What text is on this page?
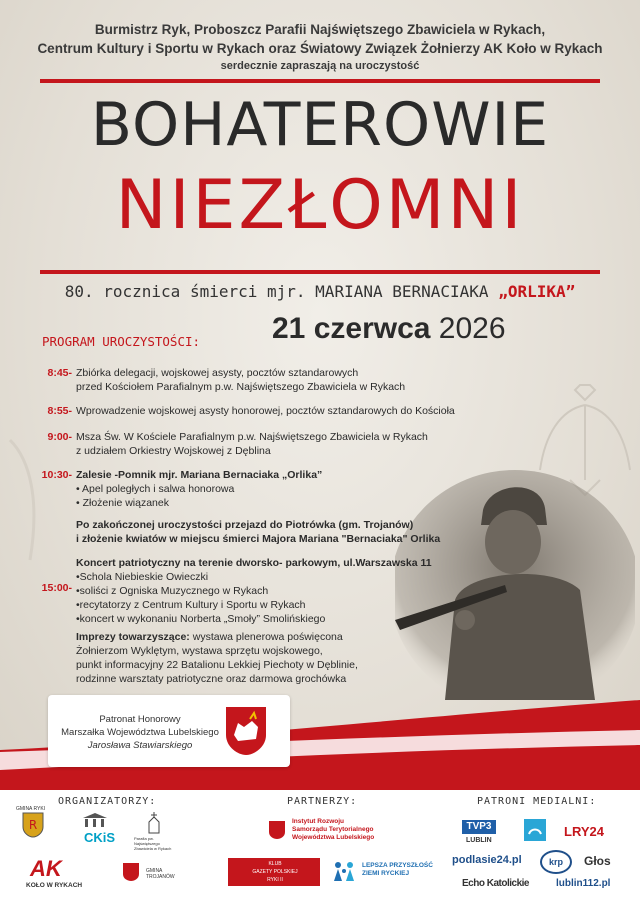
Burmistrz Ryk, Proboszcz Parafii Najświętszego Zbawiciela w Rykach,
Centrum Kultury i Sportu w Rykach oraz Światowy Związek Żołnierzy AK Koło w Rykach
serdecznie zapraszają na uroczystość
BOHATEROWIE
NIEZŁOMNI
80. rocznica śmierci mjr. MARIANA BERNACIAKA „ORLIKA”
PROGRAM UROCZYSTOŚCI: 21 czerwca 2026
8:45- Zbiórka delegacji, wojskowej asysty, pocztów sztandarowych
przed Kościołem Parafialnym p.w. Najświętszego Zbawiciela w Rykach
8:55- Wprowadzenie wojskowej asysty honorowej, pocztów sztandarowych do Kościoła
9:00- Msza Św. W Kościele Parafialnym p.w. Najświętszego Zbawiciela w Rykach
z udziałem Orkiestry Wojskowej z Dęblina
10:30- Zalesie -Pomnik mjr. Mariana Bernaciaka „Orlika”
• Apel poległych i salwa honorowa
• Złożenie wiązanek
Po zakończonej uroczystości przejazd do Piotrówka (gm. Trojanów)
i złożenie kwiatów w miejscu śmierci Majora Mariana "Bernaciaka" Orlika
15:00-
Koncert patriotyczny na terenie dworsko- parkowym, ul.Warszawska 11
•Schola Niebieskie Owieczki
•soliści z Ogniska Muzycznego w Rykach
•recytatorzy z Centrum Kultury i Sportu w Rykach
•koncert w wykonaniu Norberta „Smoły” Smolińskiego
Imprezy towarzyszące: wystawa plenerowa poświęcona
Żołnierzom Wyklętym, wystawa sprzętu wojskowego,
punkt informacyjny 22 Batalionu Lekkiej Piechoty w Dęblinie,
rodzinne warsztaty patriotyczne oraz darmowa grochówka
Patronat Honorowy
Marszałka Województwa Lubelskiego
Jarosława Stawiarskiego
ORGANIZATORZY:	PARTNERZY:	PATRONI MEDIALNI:
R
GMINA RYKI
CKiS	Parafia pw. Najświętszego Zbawiciela w Rykach
AK
KOŁO W RYKACH
GMINA TROJANÓW
Instytut Rozwoju
Samorządu Terytorialnego
Województwa Lubelskiego
KLUB
GAZETY POLSKIEJ
RYKI II
LEPSZA PRZYSZŁOŚĆ
ZIEMI RYCKIEJ
TVP3
LUBLIN
LRY24
podlasie24.pl	krp	Głos
Echo Katolickie	lublin112.pl
